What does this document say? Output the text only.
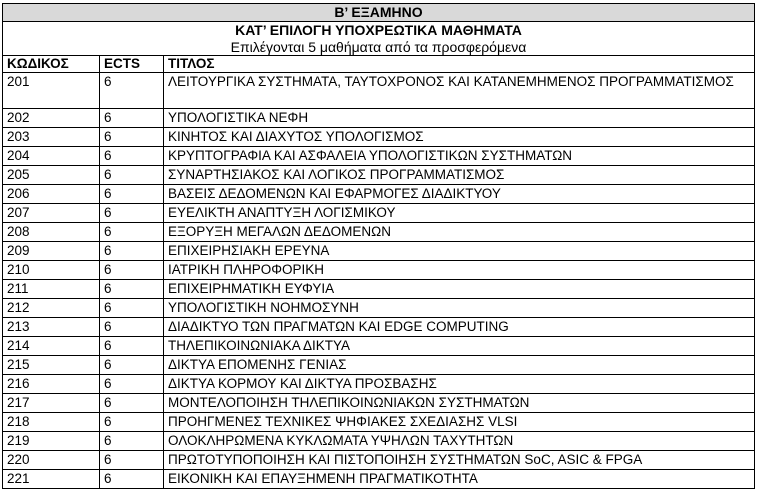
Β’ ΕΞΑΜΗΝΟ		

ΚΑΤ’ ΕΠΙΛΟΓΗ ΥΠΟΧΡΕΩΤΙΚΑ ΜΑΘΗΜΑΤΑ
Επιλέγονται 5 μαθήματα από τα προσφερόμενα		

ΚΩΔΙΚΟΣ	ECTS	ΤΙΤΛΟΣ
201	6	ΛΕΙΤΟΥΡΓΙΚΑ ΣΥΣΤΗΜΑΤΑ, ΤΑΥΤΟΧΡΟΝΟΣ ΚΑΙ ΚΑΤΑΝΕΜΗΜΕΝΟΣ ΠΡΟΓΡΑΜΜΑΤΙΣΜΟΣ
202	6	ΥΠΟΛΟΓΙΣΤΙΚΑ ΝΕΦΗ
203	6	ΚΙΝΗΤΟΣ ΚΑΙ ΔΙΑΧΥΤΟΣ ΥΠΟΛΟΓΙΣΜΟΣ
204	6	ΚΡΥΠΤΟΓΡΑΦΙΑ ΚΑΙ ΑΣΦΑΛΕΙΑ ΥΠΟΛΟΓΙΣΤΙΚΩΝ ΣΥΣΤΗΜΑΤΩΝ
205	6	ΣΥΝΑΡΤΗΣΙΑΚΟΣ ΚΑΙ ΛΟΓΙΚΟΣ ΠΡΟΓΡΑΜΜΑΤΙΣΜΟΣ
206	6	ΒΑΣΕΙΣ ΔΕΔΟΜΕΝΩΝ ΚΑΙ ΕΦΑΡΜΟΓΕΣ ΔΙΑΔΙΚΤΥΟΥ
207	6	ΕΥΕΛΙΚΤΗ ΑΝΑΠΤΥΞΗ ΛΟΓΙΣΜΙΚΟΥ
208	6	ΕΞΟΡΥΞΗ ΜΕΓΑΛΩΝ ΔΕΔΟΜΕΝΩΝ
209	6	ΕΠΙΧΕΙΡΗΣΙΑΚΗ ΕΡΕΥΝΑ
210	6	ΙΑΤΡΙΚΗ ΠΛΗΡΟΦΟΡΙΚΗ
211	6	ΕΠΙΧΕΙΡΗΜΑΤΙΚΗ ΕΥΦΥΙΑ
212	6	ΥΠΟΛΟΓΙΣΤΙΚΗ ΝΟΗΜΟΣΥΝΗ
213	6	ΔΙΑΔΙΚΤΥΟ ΤΩΝ ΠΡΑΓΜΑΤΩΝ ΚΑΙ EDGE COMPUTING
214	6	ΤΗΛΕΠΙΚΟΙΝΩΝΙΑΚΑ ΔΙΚΤΥΑ
215	6	ΔΙΚΤΥΑ ΕΠΟΜΕΝΗΣ ΓΕΝΙΑΣ
216	6	ΔΙΚΤΥΑ ΚΟΡΜΟΥ ΚΑΙ ΔΙΚΤΥΑ ΠΡΟΣΒΑΣΗΣ
217	6	ΜΟΝΤΕΛΟΠΟΙΗΣΗ ΤΗΛΕΠΙΚΟΙΝΩΝΙΑΚΩΝ ΣΥΣΤΗΜΑΤΩΝ
218	6	ΠΡΟΗΓΜΕΝΕΣ ΤΕΧΝΙΚΕΣ ΨΗΦΙΑΚΕΣ ΣΧΕΔΙΑΣΗΣ VLSI
219	6	ΟΛΟΚΛΗΡΩΜΕΝΑ ΚΥΚΛΩΜΑΤΑ ΥΨΗΛΩΝ ΤΑΧΥΤΗΤΩΝ
220	6	ΠΡΩΤΟΤΥΠΟΠΟΙΗΣΗ ΚΑΙ ΠΙΣΤΟΠΟΙΗΣΗ ΣΥΣΤΗΜΑΤΩΝ SoC, ASIC & FPGA
221	6	ΕΙΚΟΝΙΚΗ ΚΑΙ ΕΠΑΥΞΗΜΕΝΗ ΠΡΑΓΜΑΤΙΚΟΤΗΤΑ
